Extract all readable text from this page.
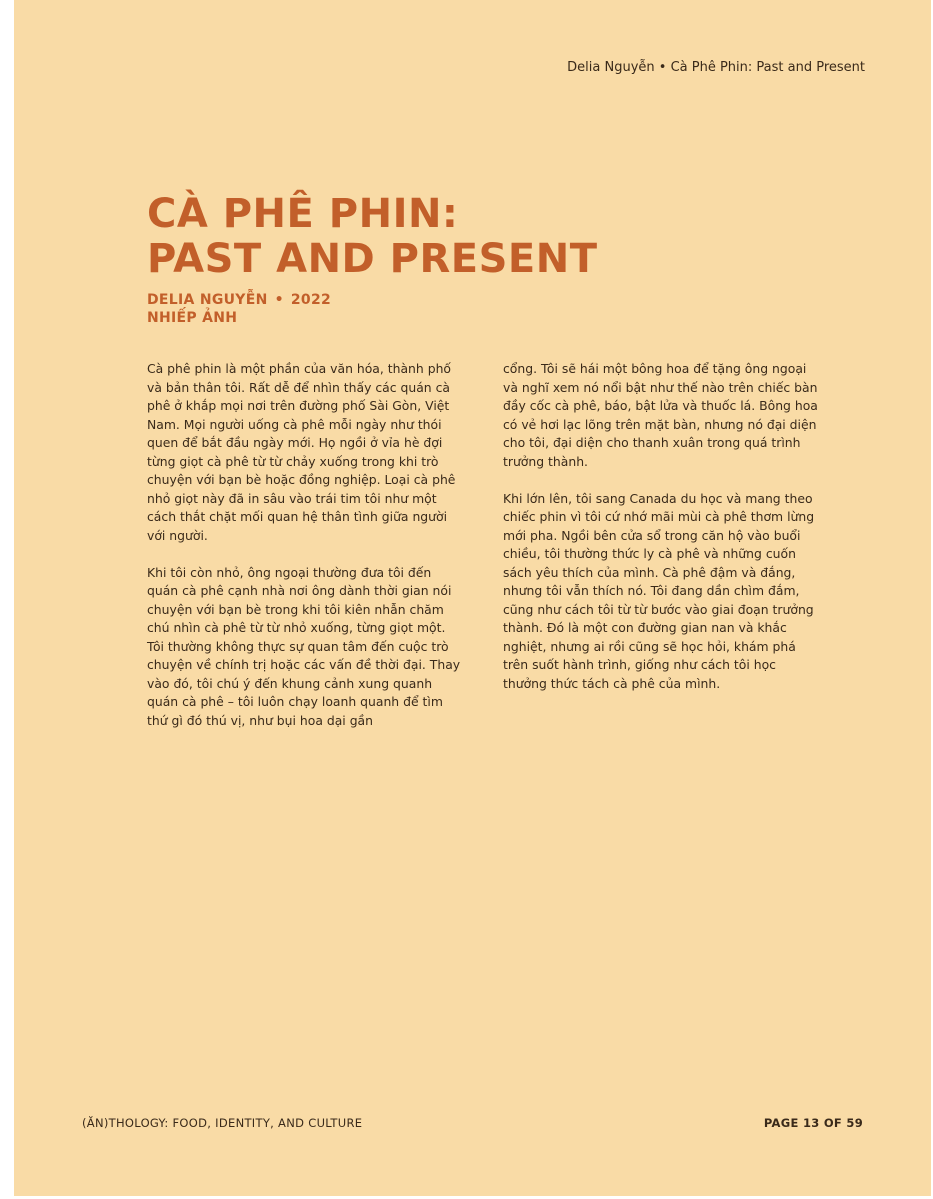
Delia Nguyễn • Cà Phê Phin: Past and Present
CÀ PHÊ PHIN:
PAST AND PRESENT
DELIA NGUYỄN • 2022
NHIẾP ẢNH

Cà phê phin là một phần của văn hóa, thành phố và bản thân tôi. Rất dễ để nhìn thấy các quán cà phê ở khắp mọi nơi trên đường phố Sài Gòn, Việt Nam. Mọi người uống cà phê mỗi ngày như thói quen để bắt đầu ngày mới. Họ ngồi ở vỉa hè đợi từng giọt cà phê từ từ chảy xuống trong khi trò chuyện với bạn bè hoặc đồng nghiệp. Loại cà phê nhỏ giọt này đã in sâu vào trái tim tôi như một cách thắt chặt mối quan hệ thân tình giữa người với người.

Khi tôi còn nhỏ, ông ngoại thường đưa tôi đến quán cà phê cạnh nhà nơi ông dành thời gian nói chuyện với bạn bè trong khi tôi kiên nhẫn chăm chú nhìn cà phê từ từ nhỏ xuống, từng giọt một. Tôi thường không thực sự quan tâm đến cuộc trò chuyện về chính trị hoặc các vấn đề thời đại. Thay vào đó, tôi chú ý đến khung cảnh xung quanh quán cà phê – tôi luôn chạy loanh quanh để tìm thứ gì đó thú vị, như bụi hoa dại gần

cổng. Tôi sẽ hái một bông hoa để tặng ông ngoại và nghĩ xem nó nổi bật như thế nào trên chiếc bàn đầy cốc cà phê, báo, bật lửa và thuốc lá. Bông hoa có vẻ hơi lạc lõng trên mặt bàn, nhưng nó đại diện cho tôi, đại diện cho thanh xuân trong quá trình trưởng thành.

Khi lớn lên, tôi sang Canada du học và mang theo chiếc phin vì tôi cứ nhớ mãi mùi cà phê thơm lừng mới pha. Ngồi bên cửa sổ trong căn hộ vào buổi chiều, tôi thường thức ly cà phê và những cuốn sách yêu thích của mình. Cà phê đậm và đắng, nhưng tôi vẫn thích nó. Tôi đang dần chìm đắm, cũng như cách tôi từ từ bước vào giai đoạn trưởng thành. Đó là một con đường gian nan và khắc nghiệt, nhưng ai rồi cũng sẽ học hỏi, khám phá trên suốt hành trình, giống như cách tôi học thưởng thức tách cà phê của mình.

(ĂN)THOLOGY: FOOD, IDENTITY, AND CULTURE	PAGE 13 OF 59
